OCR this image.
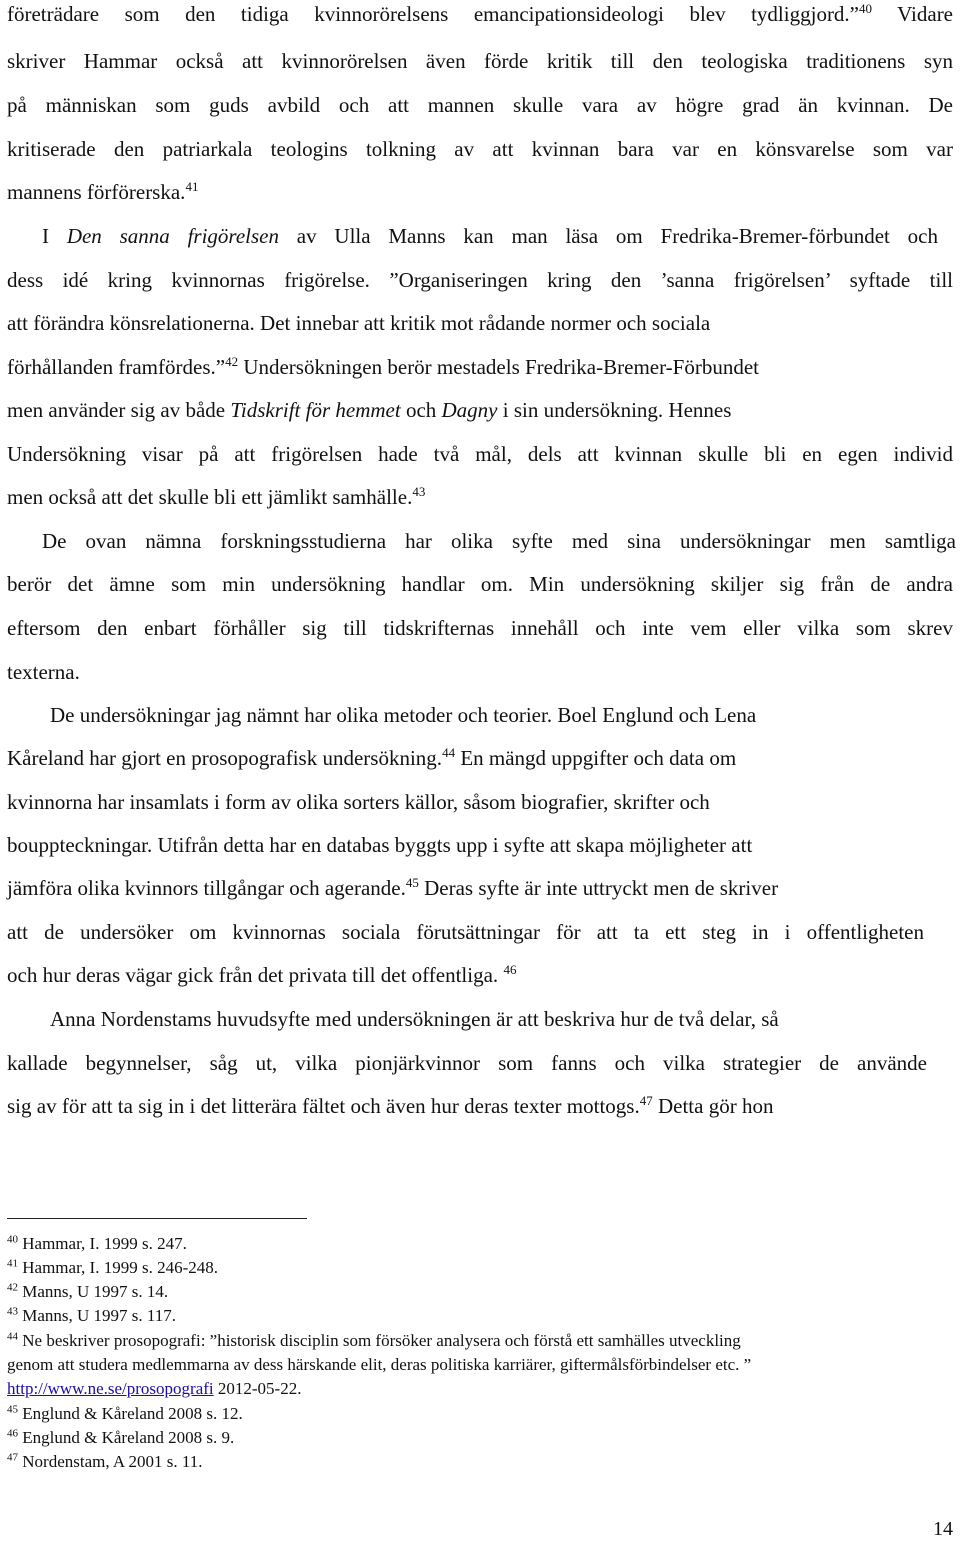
företrädare som den tidiga kvinnorörelsens emancipationsideologi blev tydliggjord.”$^{40}$ Vidare
skriver Hammar också att kvinnorörelsen även förde kritik till den teologiska traditionens syn
på människan som guds avbild och att mannen skulle vara av högre grad än kvinnan. De
kritiserade den patriarkala teologins tolkning av att kvinnan bara var en könsvarelse som var
mannens förförerska.$^{41}$
I Den sanna frigörelsen av Ulla Manns kan man läsa om Fredrika-Bremer-förbundet och
dess idé kring kvinnornas frigörelse. ”Organiseringen kring den ’sanna frigörelsen’ syftade till
att förändra könsrelationerna. Det innebar att kritik mot rådande normer och sociala
förhållanden framfördes.”$^{42}$ Undersökningen berör mestadels Fredrika-Bremer-Förbundet
men använder sig av både Tidskrift för hemmet och Dagny i sin undersökning. Hennes
Undersökning visar på att frigörelsen hade två mål, dels att kvinnan skulle bli en egen individ
men också att det skulle bli ett jämlikt samhälle.$^{43}$
De ovan nämna forskningsstudierna har olika syfte med sina undersökningar men samtliga
berör det ämne som min undersökning handlar om. Min undersökning skiljer sig från de andra
eftersom den enbart förhåller sig till tidskrifternas innehåll och inte vem eller vilka som skrev
texterna.
De undersökningar jag nämnt har olika metoder och teorier. Boel Englund och Lena
Kåreland har gjort en prosopografisk undersökning.$^{44}$ En mängd uppgifter och data om
kvinnorna har insamlats i form av olika sorters källor, såsom biografier, skrifter och
bouppteckningar. Utifrån detta har en databas byggts upp i syfte att skapa möjligheter att
jämföra olika kvinnors tillgångar och agerande.$^{45}$ Deras syfte är inte uttryckt men de skriver
att de undersöker om kvinnornas sociala förutsättningar för att ta ett steg in i offentligheten
och hur deras vägar gick från det privata till det offentliga. $^{46}$
Anna Nordenstams huvudsyfte med undersökningen är att beskriva hur de två delar, så
kallade begynnelser, såg ut, vilka pionjärkvinnor som fanns och vilka strategier de använde
sig av för att ta sig in i det litterära fältet och även hur deras texter mottogs.$^{47}$ Detta gör hon
$^{40}$ Hammar, I. 1999 s. 247.
$^{41}$ Hammar, I. 1999 s. 246-248.
$^{42}$ Manns, U 1997 s. 14.
$^{43}$ Manns, U 1997 s. 117.
$^{44}$ Ne beskriver prosopografi: ”historisk disciplin som försöker analysera och förstå ett samhälles utveckling
genom att studera medlemmarna av dess härskande elit, deras politiska karriärer, giftermålsförbindelser etc. ”
http://www.ne.se/prosopografi 2012-05-22.
$^{45}$ Englund & Kåreland 2008 s. 12.
$^{46}$ Englund & Kåreland 2008 s. 9.
$^{47}$ Nordenstam, A 2001 s. 11.
14
